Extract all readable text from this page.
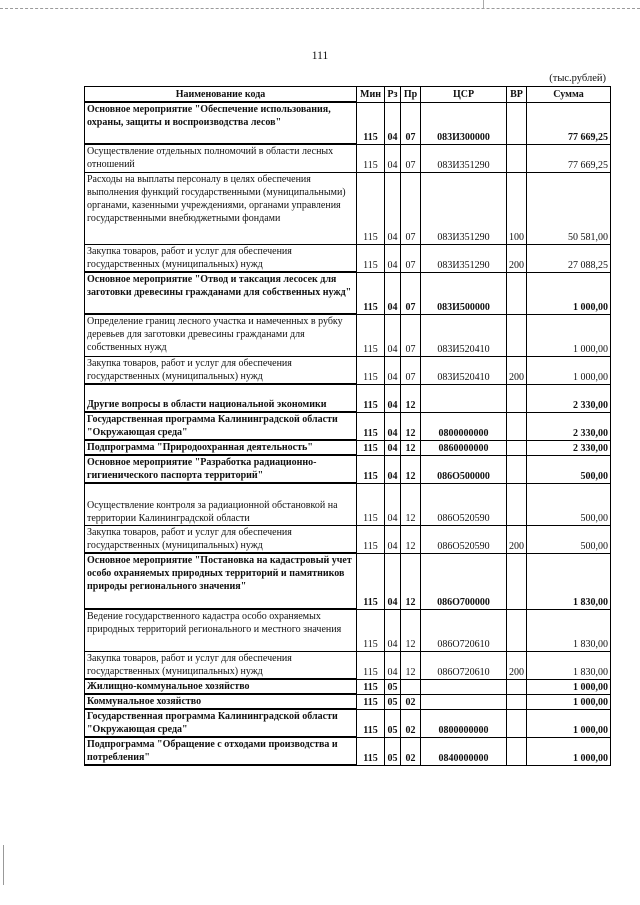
111
(тыс.рублей)
Наименование кода	Мин	Рз	Пр	ЦСР	ВР	Сумма
Основное мероприятие "Обеспечение использования, охраны, защиты и воспроизводства лесов"	115	04	07	083И300000		77 669,25
Осуществление отдельных полномочий в области лесных отношений	115	04	07	083И351290		77 669,25
Расходы на выплаты персоналу в целях обеспечения выполнения функций государственными (муниципальными) органами, казенными учреждениями, органами управления государственными внебюджетными фондами	115	04	07	083И351290	100	50 581,00
Закупка товаров, работ и услуг для обеспечения государственных (муниципальных) нужд	115	04	07	083И351290	200	27 088,25
Основное мероприятие "Отвод и таксация лесосек для заготовки древесины гражданами для собственных нужд"	115	04	07	083И500000		1 000,00
Определение границ лесного участка и намеченных в рубку деревьев для заготовки древесины гражданами для собственных нужд	115	04	07	083И520410		1 000,00
Закупка товаров, работ и услуг для обеспечения государственных (муниципальных) нужд	115	04	07	083И520410	200	1 000,00
Другие вопросы в области национальной экономики	115	04	12			2 330,00
Государственная программа Калининградской области "Окружающая среда"	115	04	12	0800000000		2 330,00
Подпрограмма "Природоохранная деятельность"	115	04	12	0860000000		2 330,00
Основное мероприятие "Разработка радиационно-гигиенического паспорта территорий"	115	04	12	086O500000		500,00
Осуществление контроля за радиационной обстановкой на территории Калининградской области	115	04	12	086O520590		500,00
Закупка товаров, работ и услуг для обеспечения государственных (муниципальных) нужд	115	04	12	086O520590	200	500,00
Основное мероприятие "Постановка на кадастровый учет особо охраняемых природных территорий и памятников природы регионального значения"	115	04	12	086O700000		1 830,00
Ведение государственного кадастра особо охраняемых природных территорий регионального и местного значения	115	04	12	086O720610		1 830,00
Закупка товаров, работ и услуг для обеспечения государственных (муниципальных) нужд	115	04	12	086O720610	200	1 830,00
Жилищно-коммунальное хозяйство	115	05				1 000,00
Коммунальное хозяйство	115	05	02			1 000,00
Государственная программа Калининградской области "Окружающая среда"	115	05	02	0800000000		1 000,00
Подпрограмма "Обращение с отходами производства и потребления"	115	05	02	0840000000		1 000,00
